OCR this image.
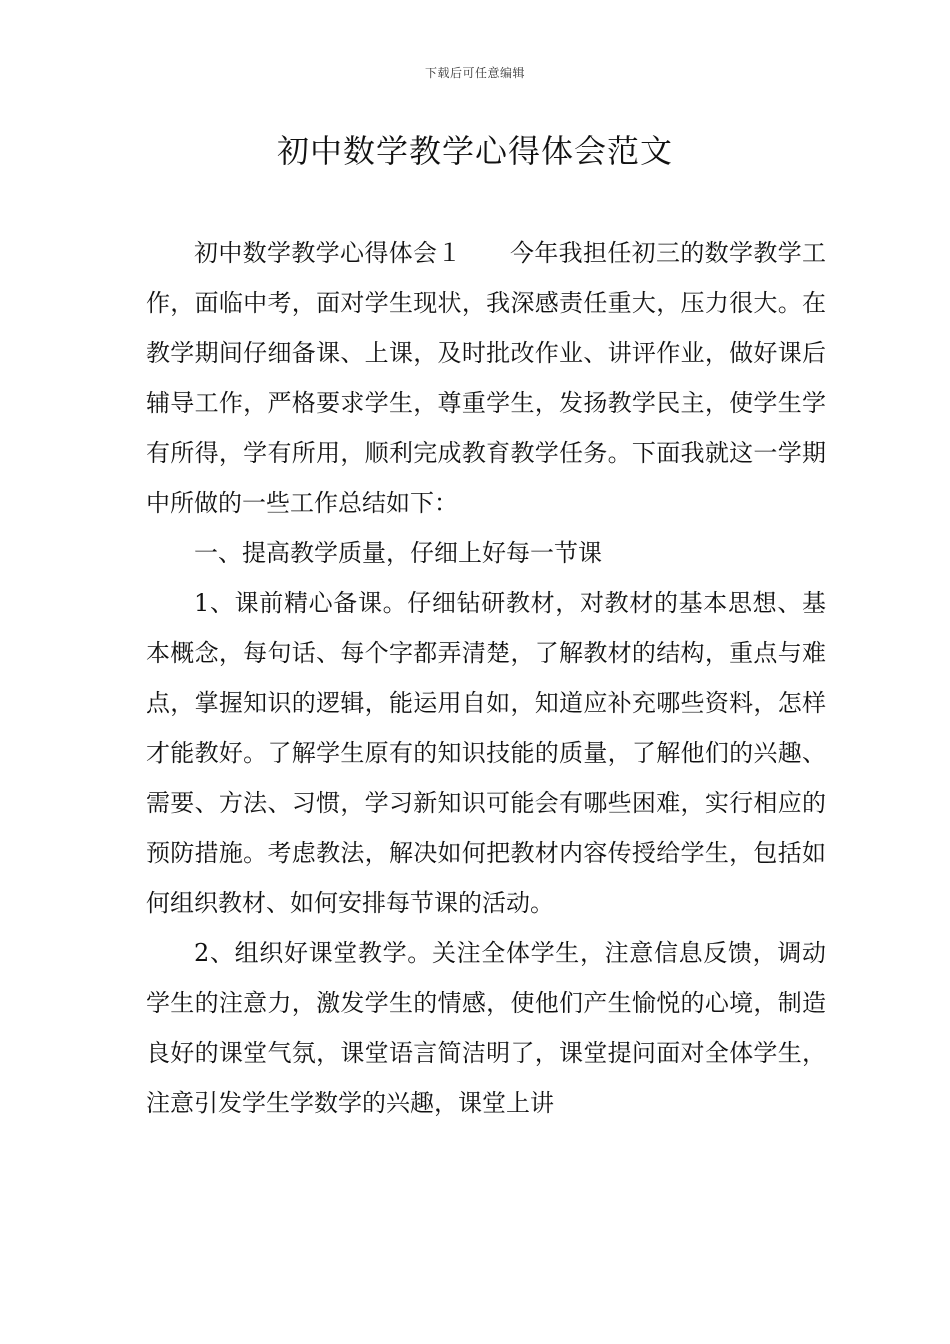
下载后可任意编辑
初中数学教学心得体会范文

初中数学教学心得体会１ 今年我担任初三的数学教学工作，面临中考，面对学生现状，我深感责任重大，压力很大。在教学期间仔细备课、上课，及时批改作业、讲评作业，做好课后辅导工作，严格要求学生，尊重学生，发扬教学民主，使学生学有所得，学有所用，顺利完成教育教学任务。下面我就这一学期中所做的一些工作总结如下：

一、提高教学质量，仔细上好每一节课

1、课前精心备课。仔细钻研教材，对教材的基本思想、基本概念，每句话、每个字都弄清楚，了解教材的结构，重点与难点，掌握知识的逻辑，能运用自如，知道应补充哪些资料，怎样才能教好。了解学生原有的知识技能的质量，了解他们的兴趣、需要、方法、习惯，学习新知识可能会有哪些困难，实行相应的预防措施。考虑教法，解决如何把教材内容传授给学生，包括如何组织教材、如何安排每节课的活动。

2、组织好课堂教学。关注全体学生，注意信息反馈，调动学生的注意力，激发学生的情感，使他们产生愉悦的心境，制造良好的课堂气氛，课堂语言简洁明了，课堂提问面对全体学生，注意引发学生学数学的兴趣，课堂上讲
